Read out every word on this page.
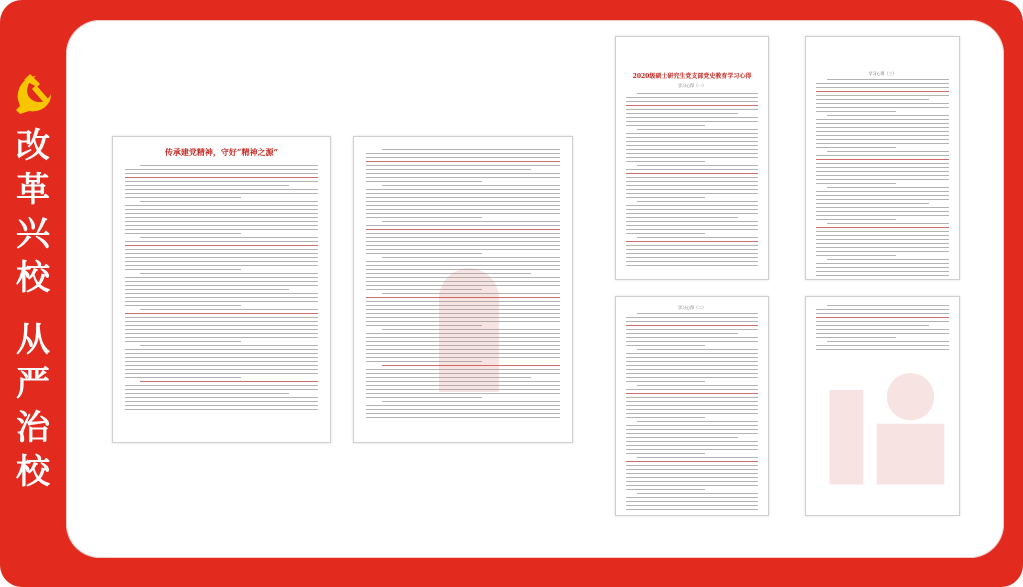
改
革
兴
校
从
严
治
校
传承建党精神，守好“精神之源”
2020级硕士研究生党支部党史教育学习心得
学习心得（一）
学习心得（三）
学习心得（二）
